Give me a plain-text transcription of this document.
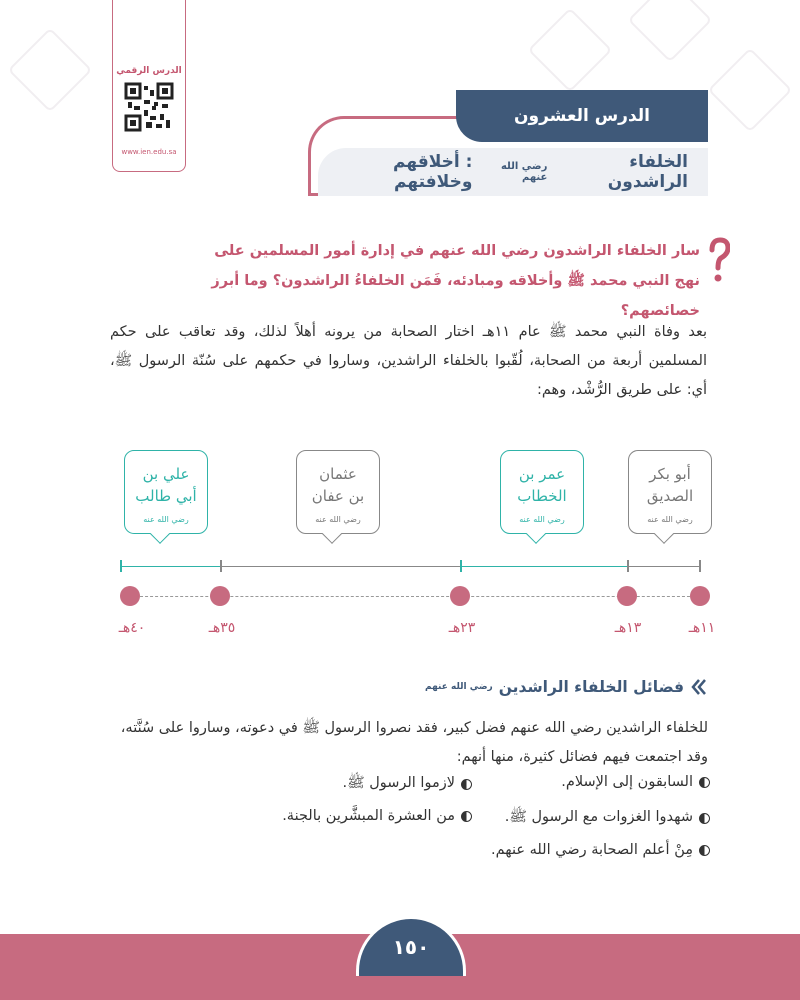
الدرس الرقمي
www.ien.edu.sa
الدرس العشرون
الخلفاء الراشدون
رضي الله عنهم
: أخلاقهم وخلافتهم
سار الخلفاء الراشدون رضي الله عنهم في إدارة أمور المسلمين على نهج النبي محمد ﷺ وأخلاقه ومبادئه، فَمَن الخلفاءُ الراشدون؟ وما أبرز خصائصهم؟
بعد وفاة النبي محمد ﷺ عام ١١هـ اختار الصحابة من يرونه أهلاً لذلك، وقد تعاقب على حكم المسلمين أربعة من الصحابة، لُقّبوا بالخلفاء الراشدين، وساروا في حكمهم على سُنّة الرسول ﷺ، أي: على طريق الرُّشْد، وهم:
أبو بكر
الصديق
رضي الله عنه
عمر بن
الخطاب
رضي الله عنه
عثمان
بن عفان
رضي الله عنه
علي بن
أبي طالب
رضي الله عنه
١١هـ
١٣هـ
٢٣هـ
٣٥هـ
٤٠هـ
فضائل الخلفاء الراشدين
رضي الله عنهم
للخلفاء الراشدين رضي الله عنهم فضل كبير، فقد نصروا الرسول ﷺ في دعوته، وساروا على سُنَّته، وقد اجتمعت فيهم فضائل كثيرة، منها أنهم:
السابقون إلى الإسلام.
لازموا الرسول ﷺ.
شهدوا الغزوات مع الرسول ﷺ.
من العشرة المبشَّرين بالجنة.
مِنْ أعلم الصحابة رضي الله عنهم.
١٥٠
